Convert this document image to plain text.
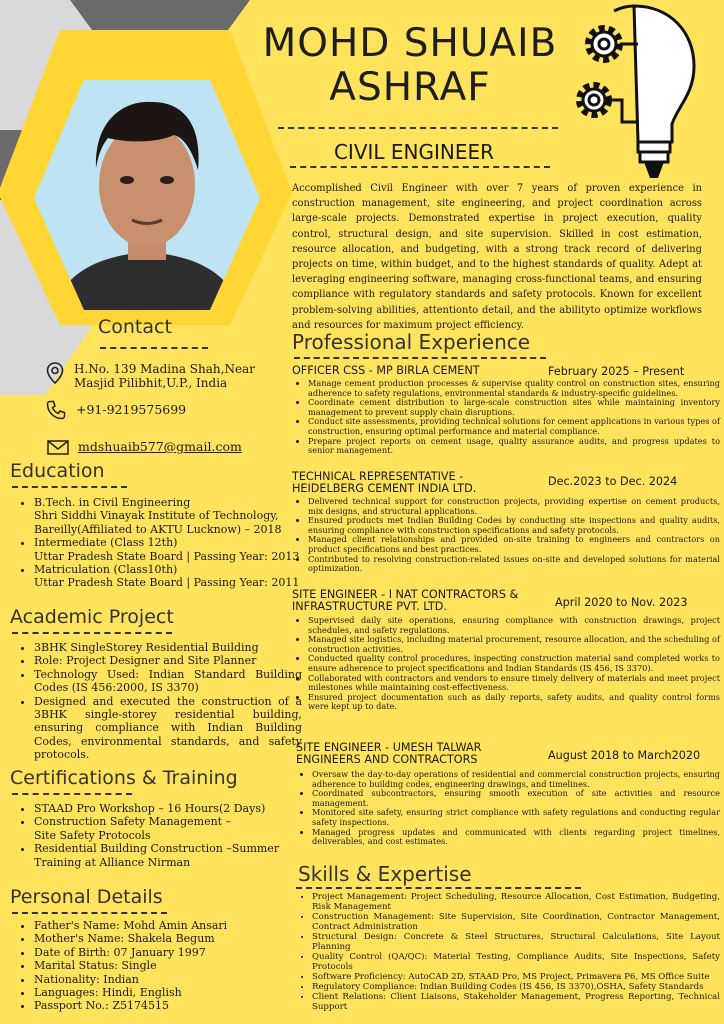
MOHD SHUAIB
ASHRAF
CIVIL ENGINEER
Accomplished Civil Engineer with over 7 years of proven experience in construction management, site engineering, and project coordination across large-scale projects. Demonstrated expertise in project execution, quality control, structural design, and site supervision. Skilled in cost estimation, resource allocation, and budgeting, with a strong track record of delivering projects on time, within budget, and to the highest standards of quality. Adept at leveraging engineering software, managing cross-functional teams, and ensuring compliance with regulatory standards and safety protocols. Known for excellent problem-solving abilities, attentionto detail, and the abilityto optimize workflows and resources for maximum project efficiency.
Contact
H.No. 139 Madina Shah,Near
Masjid Pilibhit,U.P., India
+91-9219575699
mdshuaib577@gmail.com
Education
• B.Tech. in Civil Engineering
Shri Siddhi Vinayak Institute of Technology,
Bareilly(Affiliated to AKTU Lucknow) – 2018
• Intermediate (Class 12th)
Uttar Pradesh State Board | Passing Year: 2013
• Matriculation (Class10th)
Uttar Pradesh State Board | Passing Year: 2011
Academic Project
• 3BHK SingleStorey Residential Building
• Role: Project Designer and Site Planner
• Technology Used: Indian Standard Building Codes (IS 456:2000, IS 3370)
• Designed and executed the construction of a 3BHK single-storey residential building, ensuring compliance with Indian Building Codes, environmental standards, and safety protocols.
Certifications & Training
• STAAD Pro Workshop – 16 Hours(2 Days)
• Construction Safety Management –
Site Safety Protocols
• Residential Building Construction –Summer
Training at Alliance Nirman
Personal Details
• Father's Name: Mohd Amin Ansari
• Mother's Name: Shakela Begum
• Date of Birth: 07 January 1997
• Marital Status: Single
• Nationality: Indian
• Languages: Hindi, English
• Passport No.: Z5174515
Professional Experience
OFFICER CSS - MP BIRLA CEMENT	February 2025 – Present
• Manage cement production processes & supervise quality control on construction sites, ensuring adherence to safety regulations, environmental standards & industry-specific guidelines.
• Coordinate cement distribution to large-scale construction sites while maintaining inventory management to prevent supply chain disruptions.
• Conduct site assessments, providing technical solutions for cement applications in various types of construction, ensuring optimal performance and material compliance.
• Prepare project reports on cement usage, quality assurance audits, and progress updates to senior management.
TECHNICAL REPRESENTATIVE -
HEIDELBERG CEMENT INDIA LTD.
Dec.2023 to Dec. 2024
• Delivered technical support for construction projects, providing expertise on cement products, mix designs, and structural applications.
• Ensured products met Indian Building Codes by conducting site inspections and quality audits, ensuring compliance with construction specifications and safety protocols.
• Managed client relationships and provided on-site training to engineers and contractors on product specifications and best practices.
• Contributed to resolving construction-related issues on-site and developed solutions for material optimization.
SITE ENGINEER - I NAT CONTRACTORS &
INFRASTRUCTURE PVT. LTD.	April 2020 to Nov. 2023
• Supervised daily site operations, ensuring compliance with construction drawings, project schedules, and safety regulations.
• Managed site logistics, including material procurement, resource allocation, and the scheduling of construction activities.
• Conducted quality control procedures, inspecting construction material sand completed works to ensure adherence to project specifications and Indian Standards (IS 456, IS 3370).
• Collaborated with contractors and vendors to ensure timely delivery of materials and meet project milestones while maintaining cost-effectiveness.
• Ensured project documentation such as daily reports, safety audits, and quality control forms were kept up to date.
SITE ENGINEER - UMESH TALWAR
ENGINEERS AND CONTRACTORS	August 2018 to March2020
• Oversaw the day-to-day operations of residential and commercial construction projects, ensuring adherence to building codes, engineering drawings, and timelines.
• Coordinated subcontractors, ensuring smooth execution of site activities and resource management.
• Monitored site safety, ensuring strict compliance with safety regulations and conducting regular safety inspections.
• Managed progress updates and communicated with clients regarding project timelines, deliverables, and cost estimates.
Skills & Expertise
• Project Management: Project Scheduling, Resource Allocation, Cost Estimation, Budgeting, Risk Management
• Construction Management: Site Supervision, Site Coordination, Contractor Management, Contract Administration
• Structural Design: Concrete & Steel Structures, Structural Calculations, Site Layout Planning
• Quality Control (QA/QC): Material Testing, Compliance Audits, Site Inspections, Safety Protocols
• Software Proficiency: AutoCAD 2D, STAAD Pro, MS Project, Primavera P6, MS Office Suite
• Regulatory Compliance: Indian Building Codes (IS 456, IS 3370),OSHA, Safety Standards
• Client Relations: Client Liaisons, Stakeholder Management, Progress Reporting, Technical Support
